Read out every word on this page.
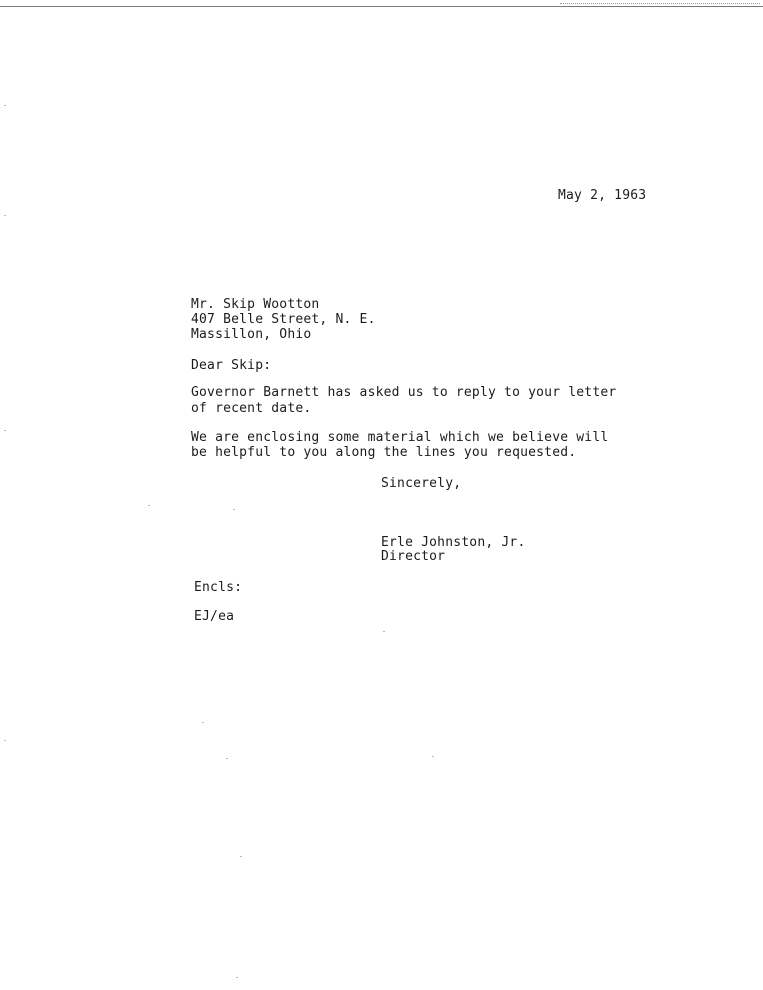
May 2, 1963
Mr. Skip Wootton
407 Belle Street, N. E.
Massillon, Ohio
Dear Skip:
Governor Barnett has asked us to reply to your letter
of recent date.
We are enclosing some material which we believe will
be helpful to you along the lines you requested.
Sincerely,
Erle Johnston, Jr.
Director
Encls:
EJ/ea
